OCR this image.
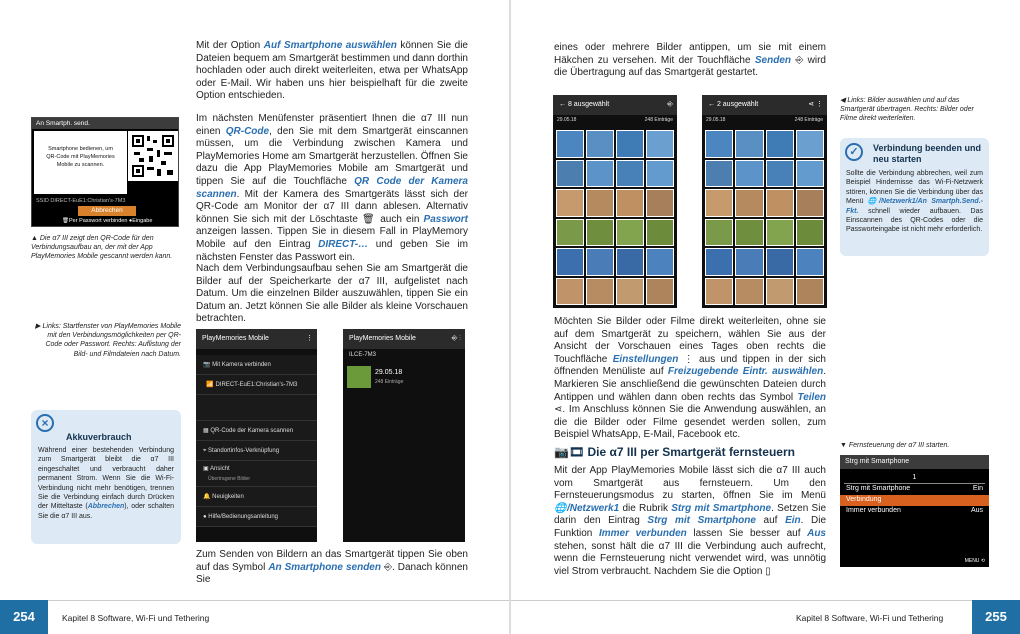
Mit der Option Auf Smartphone auswählen können Sie die Dateien bequem am Smartgerät bestimmen und dann dorthin hochladen oder auch direkt weiterleiten, etwa per WhatsApp oder E-Mail. Wir haben uns hier beispielhaft für die zweite Option entschieden.
Im nächsten Menüfenster präsentiert Ihnen die α7 III nun einen QR-Code, den Sie mit dem Smartgerät einscannen müssen, um die Verbindung zwischen Kamera und PlayMemories Home am Smartgerät herzustellen. Öffnen Sie dazu die App PlayMemories Mobile am Smartgerät und tippen Sie auf die Touchfläche QR Code der Kamera scannen. Mit der Kamera des Smartgeräts lässt sich der QR-Code am Monitor der α7 III dann ablesen. Alternativ können Sie sich mit der Löschtaste 🗑 auch ein Passwort anzeigen lassen. Tippen Sie in diesem Fall in PlayMemory Mobile auf den Eintrag DIRECT-… und geben Sie im nächsten Fenster das Passwort ein.
Nach dem Verbindungsaufbau sehen Sie am Smartgerät die Bilder auf der Speicherkarte der α7 III, aufgelistet nach Datum. Um die einzelnen Bilder auszuwählen, tippen Sie ein Datum an. Jetzt können Sie alle Bilder als kleine Vorschauen betrachten.
An Smartph. send.
Smartphone bedienen, um
QR-Code mit PlayMemories
Mobile zu scannen.
SSID DIRECT-EuE1:Christian's-7M3
Abbrechen
🗑Per Passwort verbinden ●Eingabe
▲ Die α7 III zeigt den QR-Code für den Verbindungsaufbau an, der mit der App PlayMemories Mobile gescannt werden kann.
▶ Links: Startfenster von PlayMemories Mobile mit den Verbindungsmöglichkeiten per QR-Code oder Passwort. Rechts: Auflistung der Bild- und Filmdateien nach Datum.
×
Akkuverbrauch
Während einer bestehenden Verbindung zum Smartgerät bleibt die α7 III eingeschaltet und verbraucht daher permanent Strom. Wenn Sie die Wi-Fi-Verbindung nicht mehr benötigen, trennen Sie die Verbindung einfach durch Drücken der Mitteltaste (Abbrechen), oder schalten Sie die α7 III aus.
PlayMemories Mobile	⋮
📷 Mit Kamera verbinden
📶 DIRECT-EuE1:Christian's-7M3
▦ QR-Code der Kamera scannen
⌖ Standortinfos-Verknüpfung
▣ Ansicht
Übertragene Bilder
🔔 Neuigkeiten
● Hilfe/Bedienungsanleitung
PlayMemories Mobile	⎆ ⋮
ILCE-7M3
29.05.18
248 Einträge
Zum Senden von Bildern an das Smartgerät tippen Sie oben auf das Symbol An Smartphone senden ⎆. Danach können Sie
254	Kapitel 8 Software, Wi-Fi und Tethering
eines oder mehrere Bilder antippen, um sie mit einem Häkchen zu versehen. Mit der Touchfläche Senden ⎆ wird die Übertragung auf das Smartgerät gestartet.
← 8 ausgewählt	⎆
29.05.18	248 Einträge
← 2 ausgewählt	⋖ ⋮
29.05.18	248 Einträge
◀ Links: Bilder auswählen und auf das Smartgerät übertragen. Rechts: Bilder oder Filme direkt weiterleiten.
✓	Verbindung beenden und neu starten
Sollte die Verbindung abbrechen, weil zum Beispiel Hindernisse das Wi-Fi-Netzwerk stören, können Sie die Verbindung über das Menü 🌐/Netzwerk1/An Smartph.Send.-Fkt. schnell wieder aufbauen. Das Einscannen des QR-Codes oder die Passworteingabe ist nicht mehr erforderlich.
Möchten Sie Bilder oder Filme direkt weiterleiten, ohne sie auf dem Smartgerät zu speichern, wählen Sie aus der Ansicht der Vorschauen eines Tages oben rechts die Touchfläche Einstellungen ⋮ aus und tippen in der sich öffnenden Menüliste auf Freizugebende Eintr. auswählen. Markieren Sie anschließend die gewünschten Dateien durch Antippen und wählen dann oben rechts das Symbol Teilen ⋖. Im Anschluss können Sie die Anwendung auswählen, an die die Bilder oder Filme gesendet werden sollen, zum Beispiel WhatsApp, E-Mail, Facebook etc.
📷🎞 Die α7 III per Smartgerät fernsteuern
Mit der App PlayMemories Mobile lässt sich die α7 III auch vom Smartgerät aus fernsteuern. Um den Fernsteuerungsmodus zu starten, öffnen Sie im Menü 🌐/Netzwerk1 die Rubrik Strg mit Smartphone. Setzen Sie darin den Eintrag Strg mit Smartphone auf Ein. Die Funktion Immer verbunden lassen Sie besser auf Aus stehen, sonst hält die α7 III die Verbindung auch aufrecht, wenn die Fernsteuerung nicht verwendet wird, was unnötig viel Strom verbraucht. Nachdem Sie die Option ▯
▼ Fernsteuerung der α7 III starten.
Strg mit Smartphone
1
Strg mit Smartphone	Ein
Verbindung
Immer verbunden	Aus
MENU ⟲
Kapitel 8 Software, Wi-Fi und Tethering	255
